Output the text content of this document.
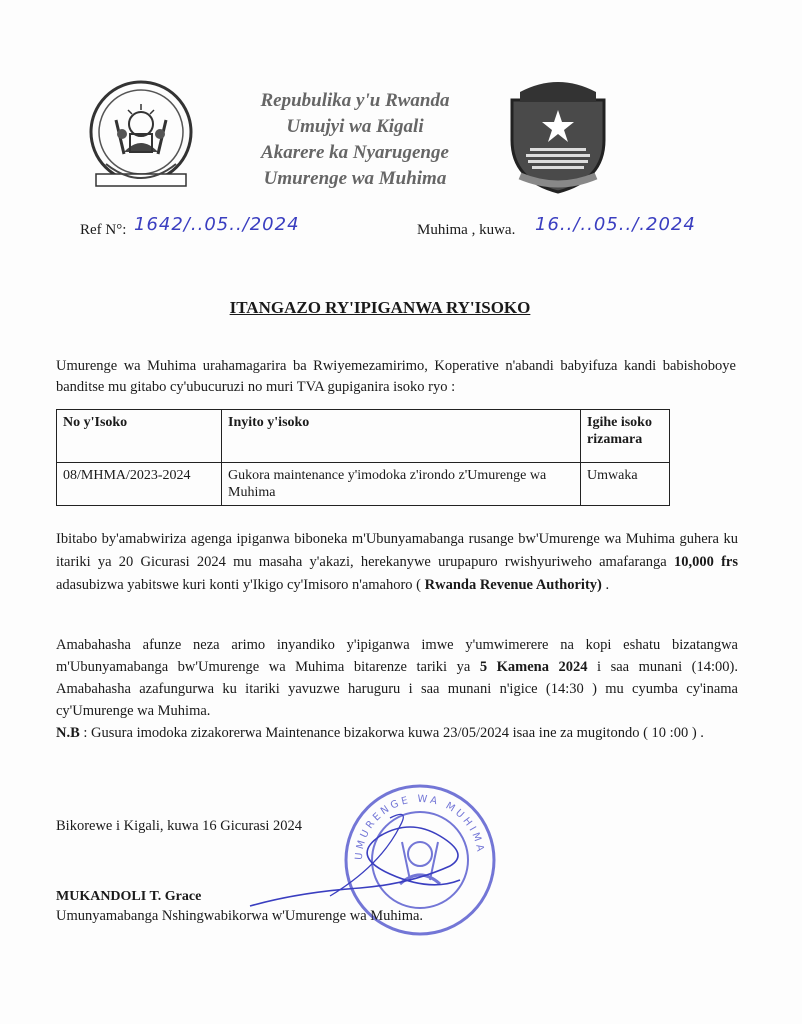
Repubulika y'u Rwanda
Umujyi wa Kigali
Akarere ka Nyarugenge
Umurenge wa Muhima
Ref N°: 1642/..05../2024	Muhima , kuwa. 16../..05../.2024
ITANGAZO RY'IPIGANWA RY'ISOKO
Umurenge wa Muhima urahamagarira ba Rwiyemezamirimo, Koperative n'abandi babyifuza kandi babishoboye banditse mu gitabo cy'ubucuruzi no muri TVA gupiganira isoko ryo :
No y'Isoko	Inyito y'isoko	Igihe isoko rizamara
08/MHMA/2023-2024	Gukora maintenance y'imodoka z'irondo z'Umurenge wa Muhima	Umwaka
Ibitabo by'amabwiriza agenga ipiganwa biboneka m'Ubunyamabanga rusange bw'Umurenge wa Muhima guhera ku itariki ya 20 Gicurasi 2024 mu masaha y'akazi, herekanywe urupapuro rwishyuriweho amafaranga 10,000 frs adasubizwa yabitswe kuri konti y'Ikigo cy'Imisoro n'amahoro ( Rwanda Revenue Authority) .
Amabahasha afunze neza arimo inyandiko y'ipiganwa imwe y'umwimerere na kopi eshatu bizatangwa m'Ubunyamabanga bw'Umurenge wa Muhima bitarenze tariki ya 5 Kamena 2024 i saa munani (14:00). Amabahasha azafungurwa ku itariki yavuzwe haruguru i saa munani n'igice (14:30 ) mu cyumba cy'inama cy'Umurenge wa Muhima.
N.B : Gusura imodoka zizakorerwa Maintenance bizakorwa kuwa 23/05/2024 isaa ine za mugitondo ( 10 :00 ) .
Bikorewe i Kigali, kuwa 16 Gicurasi 2024
UMURENGE WA MUHIMA
MUKANDOLI T. Grace
Umunyamabanga Nshingwabikorwa w'Umurenge wa Muhima.
